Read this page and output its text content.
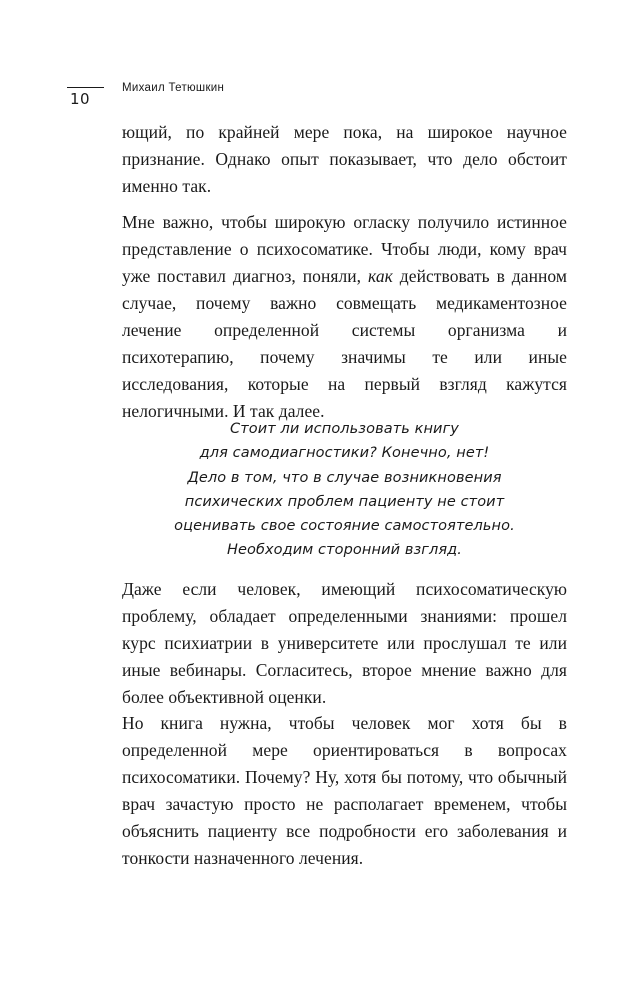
10
Михаил Тетюшкин

ющий, по крайней мере пока, на широкое научное признание. Однако опыт показывает, что дело обстоит именно так.

Мне важно, чтобы широкую огласку получило истинное представление о психосоматике. Чтобы люди, кому врач уже поставил диагноз, поняли, как действовать в данном случае, почему важно совмещать медикаментозное лечение определенной системы организма и психотерапию, почему значимы те или иные исследования, которые на первый взгляд кажутся нелогичными. И так далее.

Стоит ли использовать книгу
для самодиагностики? Конечно, нет!
Дело в том, что в случае возникновения
психических проблем пациенту не стоит
оценивать свое состояние самостоятельно.
Необходим сторонний взгляд.

Даже если человек, имеющий психосоматическую проблему, обладает определенными знаниями: прошел курс психиатрии в университете или прослушал те или иные вебинары. Согласитесь, второе мнение важно для более объективной оценки.

Но книга нужна, чтобы человек мог хотя бы в определенной мере ориентироваться в вопросах психосоматики. Почему? Ну, хотя бы потому, что обычный врач зачастую просто не располагает временем, чтобы объяснить пациенту все подробности его заболевания и тонкости назначенного лечения.
